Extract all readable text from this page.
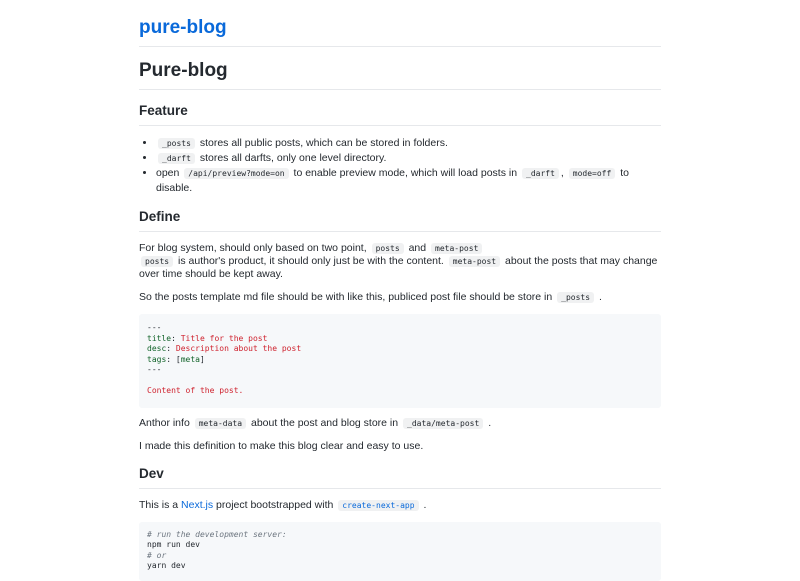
pure-blog
Pure-blog
Feature
• _posts stores all public posts, which can be stored in folders.
• _darft stores all darfts, only one level directory.
• open /api/preview?mode=on to enable preview mode, which will load posts in _darft , mode=off to disable.
Define

For blog system, should only based on two point, posts and meta-post
posts is author's product, it should only just be with the content. meta-post about the posts that may change over time should be kept away.

So the posts template md file should be with like this, publiced post file should be store in _posts .

---
title: Title for the post
desc: Description about the post
tags: [meta]
---

Content of the post.

Anthor info meta-data about the post and blog store in _data/meta-post .

I made this definition to make this blog clear and easy to use.

Dev

This is a Next.js project bootstrapped with create-next-app .

# run the development server:
npm run dev
# or
yarn dev
